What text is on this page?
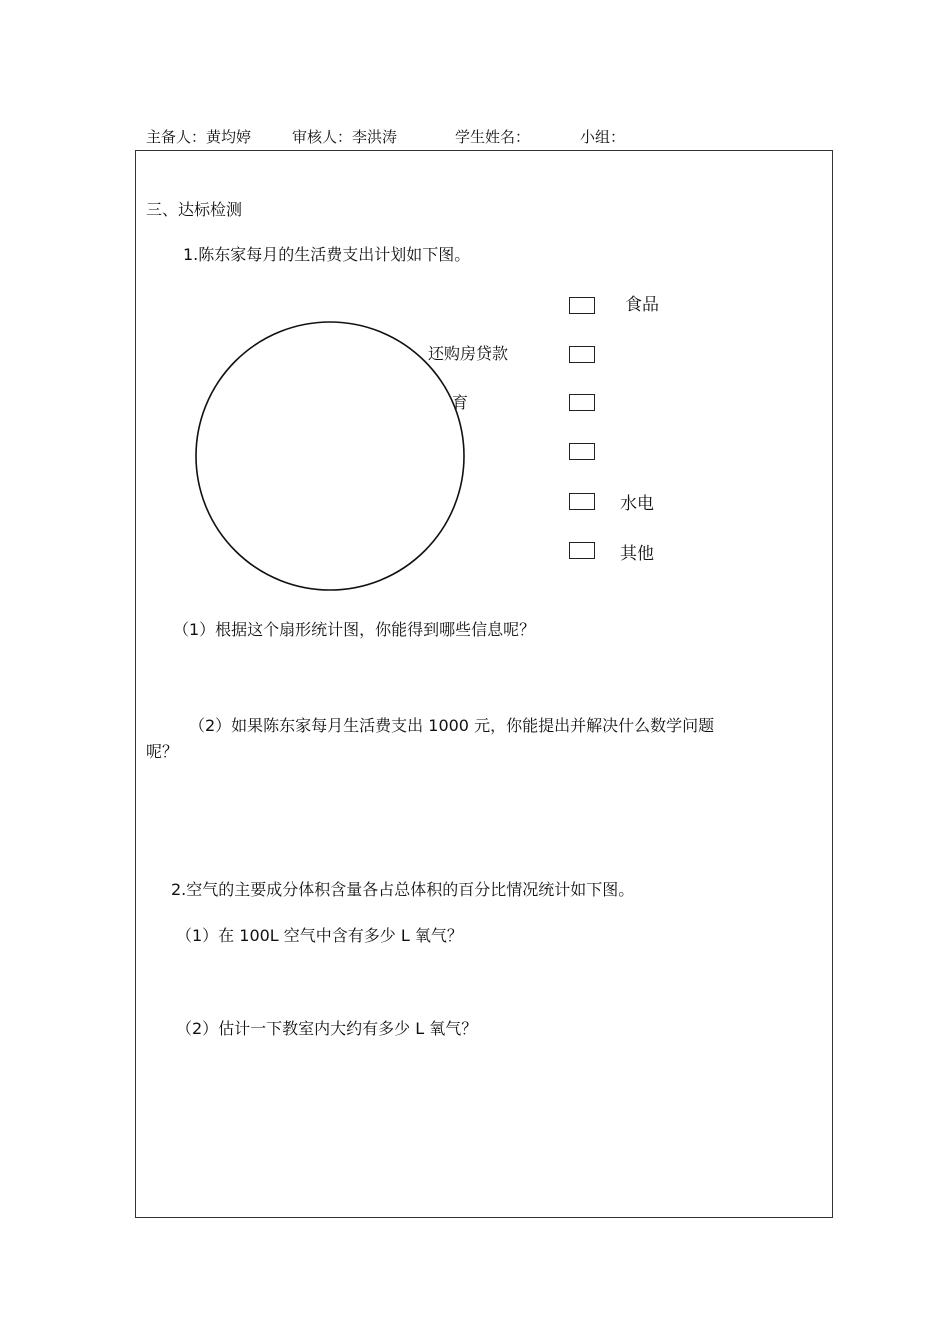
主备人：黄均婷	审核人：李洪涛	学生姓名：	小组：
三、达标检测
1.陈东家每月的生活费支出计划如下图。
还购房贷款
育
食品
水电
其他
（1）根据这个扇形统计图，你能得到哪些信息呢？
（2）如果陈东家每月生活费支出 1000 元，你能提出并解决什么数学问题
呢？
2.空气的主要成分体积含量各占总体积的百分比情况统计如下图。
（1）在 100L 空气中含有多少 L 氧气？
（2）估计一下教室内大约有多少 L 氧气？
